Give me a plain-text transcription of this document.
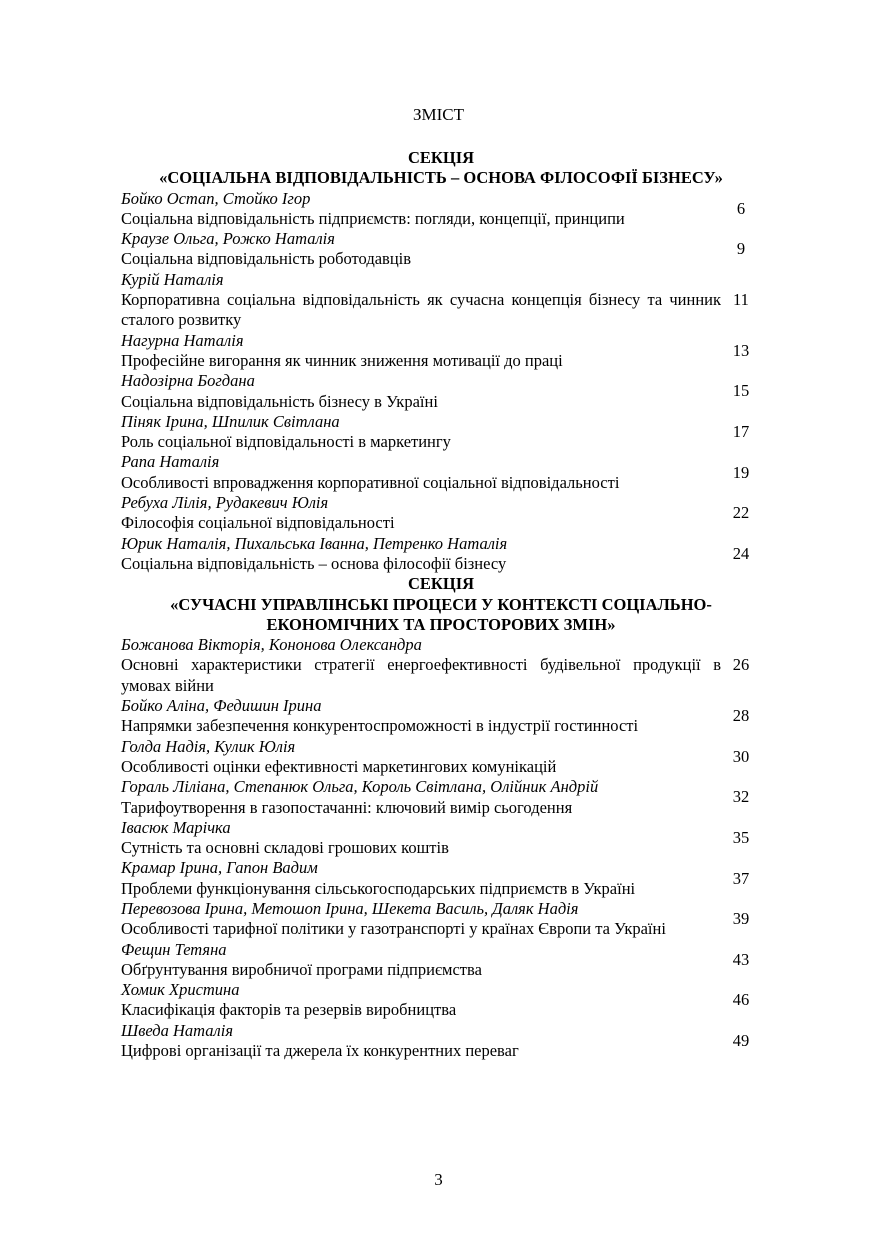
ЗМІСТ
СЕКЦІЯ
«СОЦІАЛЬНА ВІДПОВІДАЛЬНІСТЬ – ОСНОВА ФІЛОСОФІЇ БІЗНЕСУ»
Бойко Остап, Стойко Ігор
Соціальна відповідальність підприємств: погляди, концепції, принципи
6
Краузе Ольга, Рожко Наталія
Соціальна відповідальність роботодавців
9
Курій Наталія
Корпоративна соціальна відповідальність як сучасна концепція бізнесу та чинник сталого розвитку
11
Нагурна Наталія
Професійне вигорання як чинник зниження мотивації до праці
13
Надозірна Богдана
Соціальна відповідальність бізнесу в Україні
15
Піняк Ірина, Шпилик Світлана
Роль соціальної відповідальності в маркетингу
17
Рапа Наталія
Особливості впровадження корпоративної соціальної відповідальності
19
Ребуха Лілія, Рудакевич Юлія
Філософія соціальної відповідальності
22
Юрик Наталія, Пихальська Іванна, Петренко Наталія
Соціальна відповідальність – основа філософії бізнесу
24
СЕКЦІЯ
«СУЧАСНІ УПРАВЛІНСЬКІ ПРОЦЕСИ У КОНТЕКСТІ СОЦІАЛЬНО-
ЕКОНОМІЧНИХ ТА ПРОСТОРОВИХ ЗМІН»
Божанова Вікторія, Кононова Олександра
Основні характеристики стратегії енергоефективності будівельної продукції в умовах війни
26
Бойко Аліна, Федишин Ірина
Напрямки забезпечення конкурентоспроможності в індустрії гостинності
28
Голда Надія, Кулик Юлія
Особливості оцінки ефективності маркетингових комунікацій
30
Гораль Ліліана, Степанюк Ольга, Король Світлана, Олійник Андрій
Тарифоутворення в газопостачанні: ключовий вимір сьогодення
32
Івасюк Марічка
Сутність та основні складові грошових коштів
35
Крамар Ірина, Гапон Вадим
Проблеми функціонування сільськогосподарських підприємств в Україні
37
Перевозова Ірина, Метошоп Ірина, Шекета Василь, Даляк Надія
Особливості тарифної політики у газотранспорті у країнах Європи та Україні
39
Фещин Тетяна
Обґрунтування виробничої програми підприємства
43
Хомик Христина
Класифікація факторів та резервів виробництва
46
Шведа Наталія
Цифрові організації та джерела їх конкурентних переваг
49
3
